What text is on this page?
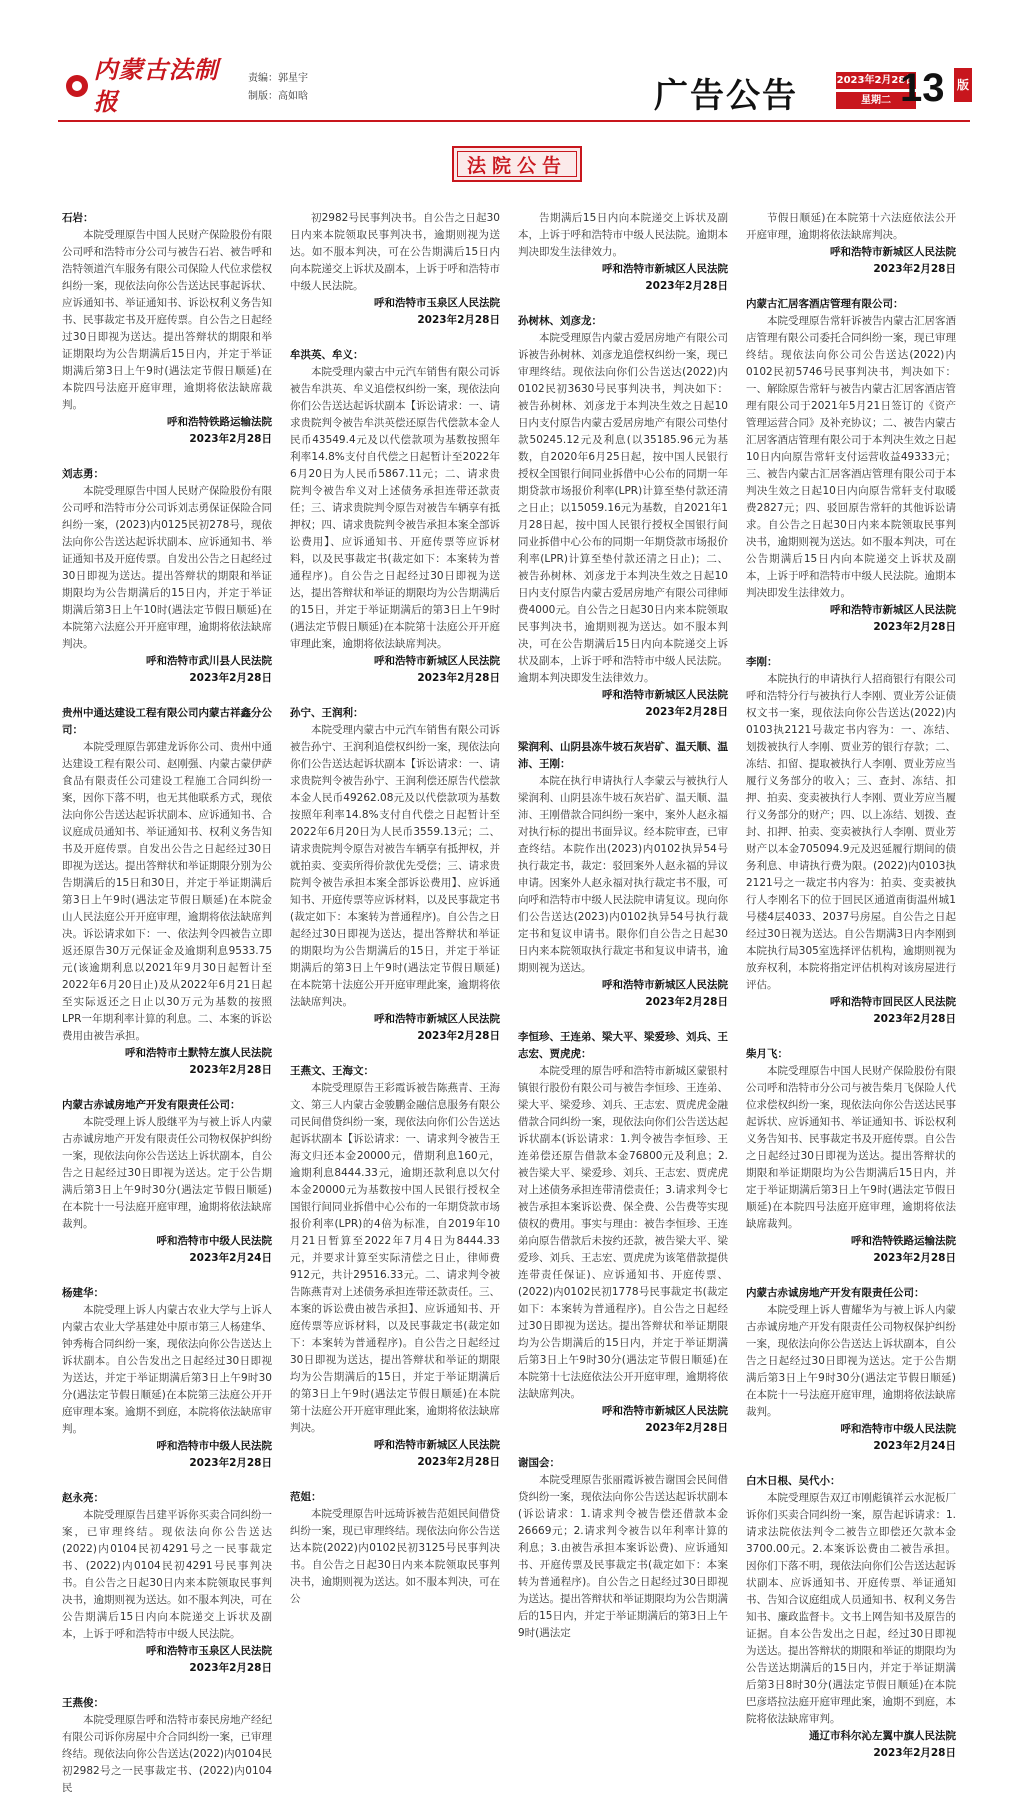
内蒙古法制报
责编：郭星宇
制版：高如晗	广告公告	2023年2月28日
星期二 13 版
法院公告
石岩：
本院受理原告中国人民财产保险股份有限公司呼和浩特市分公司与被告石岩、被告呼和浩特领道汽车服务有限公司保险人代位求偿权纠纷一案，现依法向你公告送达民事起诉状、应诉通知书、举证通知书、诉讼权利义务告知书、民事裁定书及开庭传票。自公告之日起经过30日即视为送达。提出答辩状的期限和举证期限均为公告期满后15日内，并定于举证期满后第3日上午9时(遇法定节假日顺延)在本院四号法庭开庭审理，逾期将依法缺席裁判。
呼和浩特铁路运输法院
2023年2月28日
刘志勇：
本院受理原告中国人民财产保险股份有限公司呼和浩特市分公司诉刘志勇保证保险合同纠纷一案，(2023)内0125民初278号，现依法向你公告送达起诉状副本、应诉通知书、举证通知书及开庭传票。自发出公告之日起经过30日即视为送达。提出答辩状的期限和举证期限均为公告期满后的15日内，并定于举证期满后第3日上午10时(遇法定节假日顺延)在本院第六法庭公开开庭审理，逾期将依法缺席判决。
呼和浩特市武川县人民法院
2023年2月28日
贵州中通达建设工程有限公司内蒙古祥鑫分公司：
本院受理原告郭建龙诉你公司、贵州中通达建设工程有限公司、赵刚强、内蒙古蒙伊萨食品有限责任公司建设工程施工合同纠纷一案，因你下落不明，也无其他联系方式，现依法向你公告送达起诉状副本、应诉通知书、合议庭成员通知书、举证通知书、权利义务告知书及开庭传票。自发出公告之日起经过30日即视为送达。提出答辩状和举证期限分别为公告期满后的15日和30日，并定于举证期满后第3日上午9时(遇法定节假日顺延)在本院金山人民法庭公开开庭审理，逾期将依法缺席判决。诉讼请求如下：一、依法判令四被告立即返还原告30万元保证金及逾期利息9533.75元(该逾期利息以2021年9月30日起暂计至2022年6月20日止)及从2022年6月21日起至实际返还之日止以30万元为基数的按照LPR一年期利率计算的利息。二、本案的诉讼费用由被告承担。
呼和浩特市土默特左旗人民法院
2023年2月28日
内蒙古赤诚房地产开发有限责任公司：
本院受理上诉人殷继平为与被上诉人内蒙古赤诚房地产开发有限责任公司物权保护纠纷一案，现依法向你公告送达上诉状副本，自公告之日起经过30日即视为送达。定于公告期满后第3日上午9时30分(遇法定节假日顺延)在本院十一号法庭开庭审理，逾期将依法缺席裁判。
呼和浩特市中级人民法院
2023年2月24日
杨建华：
本院受理上诉人内蒙古农业大学与上诉人内蒙古农业大学基建处中原市第三人杨建华、钟秀梅合同纠纷一案，现依法向你公告送达上诉状副本。自公告发出之日起经过30日即视为送达，并定于举证期满后第3日上午9时30分(遇法定节假日顺延)在本院第三法庭公开开庭审理本案。逾期不到庭，本院将依法缺席审判。
呼和浩特市中级人民法院
2023年2月28日
赵永亮：
本院受理原告吕建平诉你买卖合同纠纷一案，已审理终结。现依法向你公告送达(2022)内0104民初4291号之一民事裁定书、(2022)内0104民初4291号民事判决书。自公告之日起30日内来本院领取民事判决书，逾期则视为送达。如不服本判决，可在公告期满后15日内向本院递交上诉状及副本，上诉于呼和浩特市中级人民法院。
呼和浩特市玉泉区人民法院
2023年2月28日
王燕俊：
本院受理原告呼和浩特市泰民房地产经纪有限公司诉你房屋中介合同纠纷一案，已审理终结。现依法向你公告送达(2022)内0104民初2982号之一民事裁定书、(2022)内0104民
初2982号民事判决书。自公告之日起30日内来本院领取民事判决书，逾期则视为送达。如不服本判决，可在公告期满后15日内向本院递交上诉状及副本，上诉于呼和浩特市中级人民法院。
呼和浩特市玉泉区人民法院
2023年2月28日
牟洪英、牟义：
本院受理内蒙古中元汽车销售有限公司诉被告牟洪英、牟义追偿权纠纷一案，现依法向你们公告送达起诉状副本【诉讼请求：一、请求贵院判令被告牟洪英偿还原告代偿款本金人民币43549.4元及以代偿款项为基数按照年利率14.8%支付自代偿之日起暂计至2022年6月20日为人民币5867.11元；二、请求贵院判令被告牟义对上述债务承担连带还款责任；三、请求贵院判令原告对被告车辆享有抵押权；四、请求贵院判令被告承担本案全部诉讼费用】、应诉通知书、开庭传票等应诉材料，以及民事裁定书(裁定如下：本案转为普通程序)。自公告之日起经过30日即视为送达，提出答辩状和举证的期限均为公告期满后的15日，并定于举证期满后的第3日上午9时(遇法定节假日顺延)在本院第十法庭公开开庭审理此案，逾期将依法缺席判决。
呼和浩特市新城区人民法院
2023年2月28日
孙宁、王润利：
本院受理内蒙古中元汽车销售有限公司诉被告孙宁、王润利追偿权纠纷一案，现依法向你们公告送达起诉状副本【诉讼请求：一、请求贵院判令被告孙宁、王润利偿还原告代偿款本金人民币49262.08元及以代偿款项为基数按照年利率14.8%支付自代偿之日起暂计至2022年6月20日为人民币3559.13元；二、请求贵院判令原告对被告车辆享有抵押权，并就拍卖、变卖所得价款优先受偿；三、请求贵院判令被告承担本案全部诉讼费用】、应诉通知书、开庭传票等应诉材料，以及民事裁定书(裁定如下：本案转为普通程序)。自公告之日起经过30日即视为送达，提出答辩状和举证的期限均为公告期满后的15日，并定于举证期满后的第3日上午9时(遇法定节假日顺延)在本院第十法庭公开开庭审理此案，逾期将依法缺席判决。
呼和浩特市新城区人民法院
2023年2月28日
王燕文、王海文：
本院受理原告王彩霞诉被告陈燕青、王海文、第三人内蒙古金骏鹏金融信息服务有限公司民间借贷纠纷一案，现依法向你们公告送达起诉状副本【诉讼请求：一、请求判令被告王海文归还本金20000元，借期利息160元，逾期利息8444.33元，逾期还款利息以欠付本金20000元为基数按中国人民银行授权全国银行间同业拆借中心公布的一年期贷款市场报价利率(LPR)的4倍为标准，自2019年10月21日暂算至2022年7月4日为8444.33元，并要求计算至实际清偿之日止，律师费912元，共计29516.33元。二、请求判令被告陈燕青对上述债务承担连带还款责任。三、本案的诉讼费由被告承担】、应诉通知书、开庭传票等应诉材料，以及民事裁定书(裁定如下：本案转为普通程序)。自公告之日起经过30日即视为送达，提出答辩状和举证的期限均为公告期满后的15日，并定于举证期满后的第3日上午9时(遇法定节假日顺延)在本院第十法庭公开开庭审理此案，逾期将依法缺席判决。
呼和浩特市新城区人民法院
2023年2月28日
范姐：
本院受理原告叶远琦诉被告范姐民间借贷纠纷一案，现已审理终结。现依法向你公告送达本院(2022)内0102民初3125号民事判决书。自公告之日起30日内来本院领取民事判决书，逾期则视为送达。如不服本判决，可在公
告期满后15日内向本院递交上诉状及副本，上诉于呼和浩特市中级人民法院。逾期本判决即发生法律效力。
呼和浩特市新城区人民法院
2023年2月28日
孙树林、刘彦龙：
本院受理原告内蒙古爱居房地产有限公司诉被告孙树林、刘彦龙追偿权纠纷一案，现已审理终结。现依法向你们公告送达(2022)内0102民初3630号民事判决书，判决如下：被告孙树林、刘彦龙于本判决生效之日起10日内支付原告内蒙古爱居房地产有限公司垫付款50245.12元及利息(以35185.96元为基数，自2020年6月25日起，按中国人民银行授权全国银行间同业拆借中心公布的同期一年期贷款市场报价利率(LPR)计算至垫付款还清之日止；以15059.16元为基数，自2021年1月28日起，按中国人民银行授权全国银行间同业拆借中心公布的同期一年期贷款市场报价利率(LPR)计算至垫付款还清之日止)；二、被告孙树林、刘彦龙于本判决生效之日起10日内支付原告内蒙古爱居房地产有限公司律师费4000元。自公告之日起30日内来本院领取民事判决书，逾期则视为送达。如不服本判决，可在公告期满后15日内向本院递交上诉状及副本，上诉于呼和浩特市中级人民法院。逾期本判决即发生法律效力。
呼和浩特市新城区人民法院
2023年2月28日
梁润利、山阴县冻牛坡石灰岩矿、温天顺、温沛、王刚：
本院在执行申请执行人李蒙云与被执行人梁润利、山阴县冻牛坡石灰岩矿、温天顺、温沛、王刚借款合同纠纷一案中，案外人赵永福对执行标的提出书面异议。经本院审查，已审查终结。本院作出(2023)内0102执异54号执行裁定书，裁定：驳回案外人赵永福的异议申请。因案外人赵永福对执行裁定书不服，可向呼和浩特市中级人民法院申请复议。现向你们公告送达(2023)内0102执异54号执行裁定书和复议申请书。限你们自公告之日起30日内来本院领取执行裁定书和复议申请书，逾期则视为送达。
呼和浩特市新城区人民法院
2023年2月28日
李恒珍、王连弟、梁大平、梁爱珍、刘兵、王志宏、贾虎虎：
本院受理的原告呼和浩特市新城区蒙银村镇银行股份有限公司与被告李恒珍、王连弟、梁大平、梁爱珍、刘兵、王志宏、贾虎虎金融借款合同纠纷一案，现依法向你们公告送达起诉状副本(诉讼请求：1.判令被告李恒珍、王连弟偿还原告借款本金76800元及利息；2.被告梁大平、梁爱珍、刘兵、王志宏、贾虎虎对上述债务承担连带清偿责任；3.请求判令七被告承担本案诉讼费、保全费、公告费等实现债权的费用。事实与理由：被告李恒珍、王连弟向原告借款后未按约还款，被告梁大平、梁爱珍、刘兵、王志宏、贾虎虎为该笔借款提供连带责任保证)、应诉通知书、开庭传票、(2022)内0102民初1778号民事裁定书(裁定如下：本案转为普通程序)。自公告之日起经过30日即视为送达。提出答辩状和举证期限均为公告期满后的15日内，并定于举证期满后第3日上午9时30分(遇法定节假日顺延)在本院第十七法庭依法公开开庭审理，逾期将依法缺席判决。
呼和浩特市新城区人民法院
2023年2月28日
谢国会：
本院受理原告张丽霞诉被告谢国会民间借贷纠纷一案，现依法向你公告送达起诉状副本(诉讼请求：1.请求判令被告偿还借款本金26669元；2.请求判令被告以年利率计算的利息；3.由被告承担本案诉讼费)、应诉通知书、开庭传票及民事裁定书(裁定如下：本案转为普通程序)。自公告之日起经过30日即视为送达。提出答辩状和举证期限均为公告期满后的15日内，并定于举证期满后的第3日上午9时(遇法定
节假日顺延)在本院第十六法庭依法公开开庭审理，逾期将依法缺席判决。
呼和浩特市新城区人民法院
2023年2月28日
内蒙古汇居客酒店管理有限公司：
本院受理原告常轩诉被告内蒙古汇居客酒店管理有限公司委托合同纠纷一案，现已审理终结。现依法向你公司公告送达(2022)内0102民初5746号民事判决书，判决如下：一、解除原告常轩与被告内蒙古汇居客酒店管理有限公司于2021年5月21日签订的《资产管理运营合同》及补充协议；二、被告内蒙古汇居客酒店管理有限公司于本判决生效之日起10日内向原告常轩支付运营收益49333元；三、被告内蒙古汇居客酒店管理有限公司于本判决生效之日起10日内向原告常轩支付取暖费2827元；四、驳回原告常轩的其他诉讼请求。自公告之日起30日内来本院领取民事判决书，逾期则视为送达。如不服本判决，可在公告期满后15日内向本院递交上诉状及副本，上诉于呼和浩特市中级人民法院。逾期本判决即发生法律效力。
呼和浩特市新城区人民法院
2023年2月28日
李刚：
本院执行的申请执行人招商银行有限公司呼和浩特分行与被执行人李刚、贾业芳公证债权文书一案，现依法向你公告送达(2022)内0103执2121号裁定书内容为：一、冻结、划拨被执行人李刚、贾业芳的银行存款；二、冻结、扣留、提取被执行人李刚、贾业芳应当履行义务部分的收入；三、查封、冻结、扣押、拍卖、变卖被执行人李刚、贾业芳应当履行义务部分的财产；四、以上冻结、划拨、查封、扣押、拍卖、变卖被执行人李刚、贾业芳财产以本金705094.9元及迟延履行期间的债务利息、申请执行费为限。(2022)内0103执2121号之一裁定书内容为：拍卖、变卖被执行人李刚名下的位于回民区通道南街温州城1号楼4层4033、2037号房屋。自公告之日起经过30日视为送达。自公告期满3日内李刚到本院执行局305室选择评估机构，逾期则视为放弃权利，本院将指定评估机构对该房屋进行评估。
呼和浩特市回民区人民法院
2023年2月28日
柴月飞：
本院受理原告中国人民财产保险股份有限公司呼和浩特市分公司与被告柴月飞保险人代位求偿权纠纷一案，现依法向你公告送达民事起诉状、应诉通知书、举证通知书、诉讼权利义务告知书、民事裁定书及开庭传票。自公告之日起经过30日即视为送达。提出答辩状的期限和举证期限均为公告期满后15日内，并定于举证期满后第3日上午9时(遇法定节假日顺延)在本院四号法庭开庭审理，逾期将依法缺席裁判。
呼和浩特铁路运输法院
2023年2月28日
内蒙古赤诚房地产开发有限责任公司：
本院受理上诉人曹耀华为与被上诉人内蒙古赤诚房地产开发有限责任公司物权保护纠纷一案，现依法向你公告送达上诉状副本，自公告之日起经过30日即视为送达。定于公告期满后第3日上午9时30分(遇法定节假日顺延)在本院十一号法庭开庭审理，逾期将依法缺席裁判。
呼和浩特市中级人民法院
2023年2月24日
白木日根、吴代小：
本院受理原告双辽市刚彪镇祥云水泥板厂诉你们买卖合同纠纷一案，原告起诉请求：1.请求法院依法判令二被告立即偿还欠款本金3700.00元。2.本案诉讼费由二被告承担。因你们下落不明，现依法向你们公告送达起诉状副本、应诉通知书、开庭传票、举证通知书、告知合议庭组成人员通知书、权利义务告知书、廉政监督卡。文书上网告知书及原告的证据。自本公告发出之日起，经过30日即视为送达。提出答辩状的期限和举证的期限均为公告送达期满后的15日内，并定于举证期满后第3日8时30分(遇法定节假日顺延)在本院巴彦塔拉法庭开庭审理此案，逾期不到庭，本院将依法缺席审判。
通辽市科尔沁左翼中旗人民法院
2023年2月28日
